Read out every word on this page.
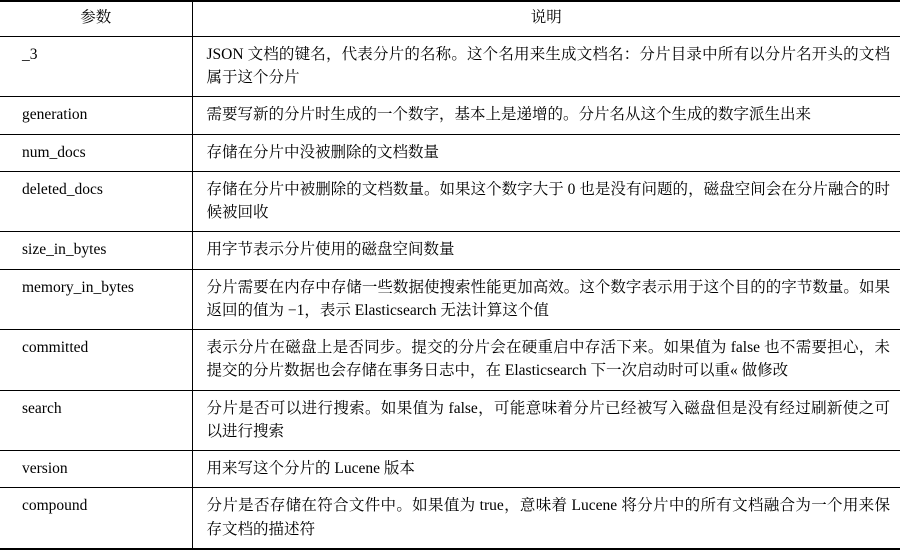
参数	说明
_3	JSON 文档的键名，代表分片的名称。这个名用来生成文档名：分片目录中所有以分片名开头的文档属于这个分片
generation	需要写新的分片时生成的一个数字，基本上是递增的。分片名从这个生成的数字派生出来
num_docs	存储在分片中没被删除的文档数量
deleted_docs	存储在分片中被删除的文档数量。如果这个数字大于 0 也是没有问题的，磁盘空间会在分片融合的时候被回收
size_in_bytes	用字节表示分片使用的磁盘空间数量
memory_in_bytes	分片需要在内存中存储一些数据使搜索性能更加高效。这个数字表示用于这个目的的字节数量。如果返回的值为 −1，表示 Elasticsearch 无法计算这个值
committed	表示分片在磁盘上是否同步。提交的分片会在硬重启中存活下来。如果值为 false 也不需要担心，未提交的分片数据也会存储在事务日志中，在 Elasticsearch 下一次启动时可以重« 做修改
search	分片是否可以进行搜索。如果值为 false，可能意味着分片已经被写入磁盘但是没有经过刷新使之可以进行搜索
version	用来写这个分片的 Lucene 版本
compound	分片是否存储在符合文件中。如果值为 true，意味着 Lucene 将分片中的所有文档融合为一个用来保存文档的描述符
